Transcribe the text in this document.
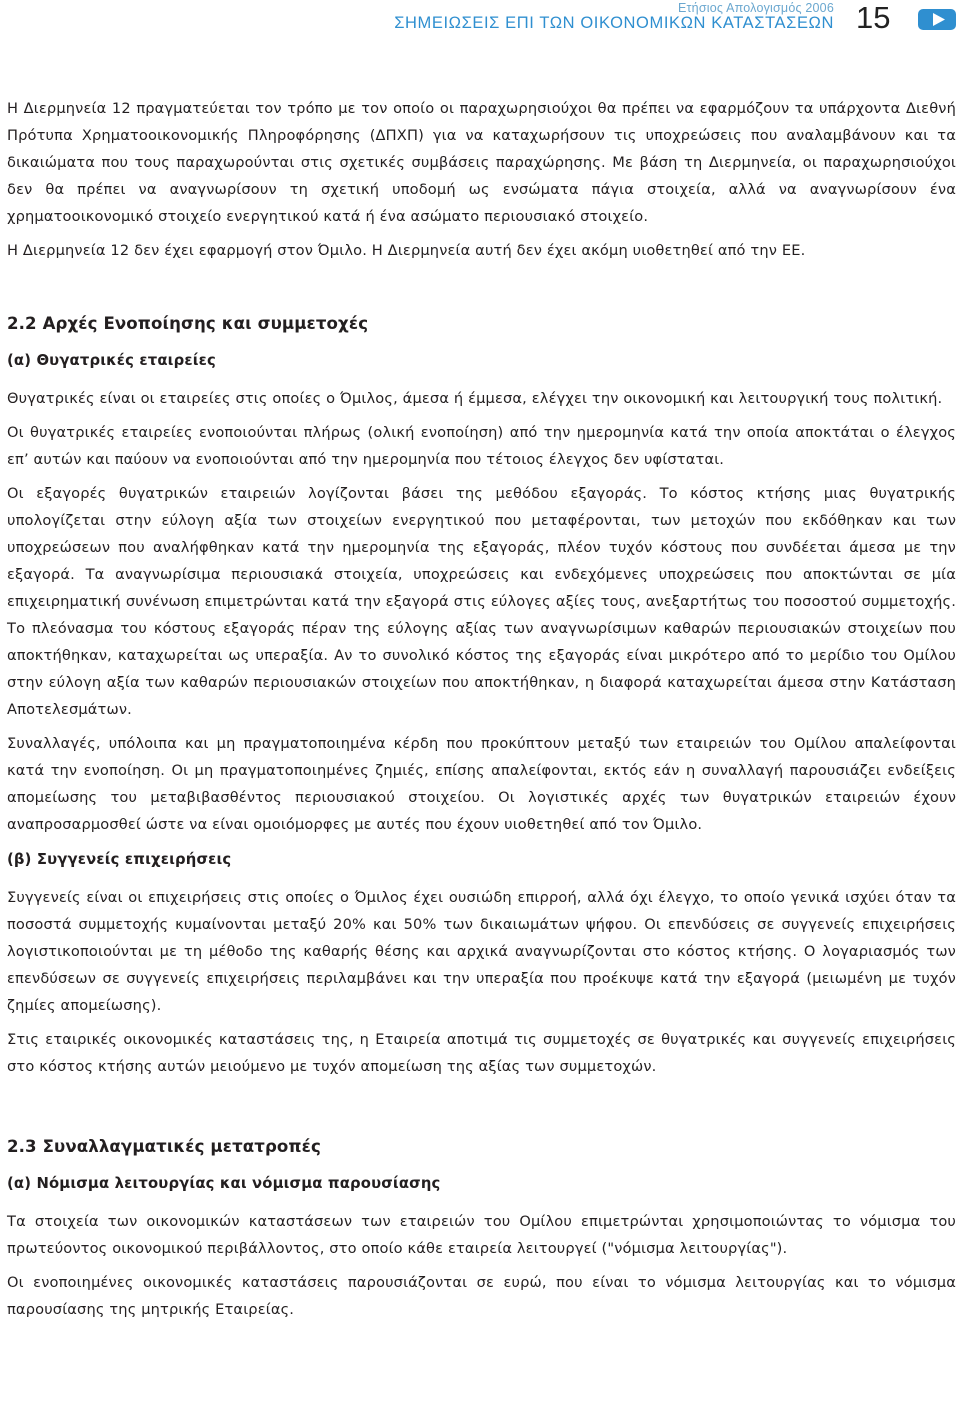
Ετήσιος Απολογισμός 2006
ΣΗΜΕΙΩΣΕΙΣ ΕΠΙ ΤΩΝ ΟΙΚΟΝΟΜΙΚΩΝ ΚΑΤΑΣΤΑΣΕΩΝ 15

Η Διερμηνεία 12 πραγματεύεται τον τρόπο με τον οποίο οι παραχωρησιούχοι θα πρέπει να εφαρμόζουν τα υπάρχοντα Διεθνή Πρότυπα Χρηματοοικονομικής Πληροφόρησης (ΔΠΧΠ) για να καταχωρήσουν τις υποχρεώσεις που αναλαμβάνουν και τα δικαιώματα που τους παραχωρούνται στις σχετικές συμβάσεις παραχώρησης. Με βάση τη Διερμηνεία, οι παραχωρησιούχοι δεν θα πρέπει να αναγνωρίσουν τη σχετική υποδομή ως ενσώματα πάγια στοιχεία, αλλά να αναγνωρίσουν ένα χρηματοοικονομικό στοιχείο ενεργητικού κατά ή ένα ασώματο περιουσιακό στοιχείο.

Η Διερμηνεία 12 δεν έχει εφαρμογή στον Όμιλο. Η Διερμηνεία αυτή δεν έχει ακόμη υιοθετηθεί από την ΕΕ.

2.2 Αρχές Ενοποίησης και συμμετοχές
(α) Θυγατρικές εταιρείες

Θυγατρικές είναι οι εταιρείες στις οποίες ο Όμιλος, άμεσα ή έμμεσα, ελέγχει την οικονομική και λειτουργική τους πολιτική.

Οι θυγατρικές εταιρείες ενοποιούνται πλήρως (ολική ενοποίηση) από την ημερομηνία κατά την οποία αποκτάται ο έλεγχος επ’ αυτών και παύουν να ενοποιούνται από την ημερομηνία που τέτοιος έλεγχος δεν υφίσταται.

Οι εξαγορές θυγατρικών εταιρειών λογίζονται βάσει της μεθόδου εξαγοράς. Το κόστος κτήσης μιας θυγατρικής υπολογίζεται στην εύλογη αξία των στοιχείων ενεργητικού που μεταφέρονται, των μετοχών που εκδόθηκαν και των υποχρεώσεων που αναλήφθηκαν κατά την ημερομηνία της εξαγοράς, πλέον τυχόν κόστους που συνδέεται άμεσα με την εξαγορά. Τα αναγνωρίσιμα περιουσιακά στοιχεία, υποχρεώσεις και ενδεχόμενες υποχρεώσεις που αποκτώνται σε μία επιχειρηματική συνένωση επιμετρώνται κατά την εξαγορά στις εύλογες αξίες τους, ανεξαρτήτως του ποσοστού συμμετοχής. Το πλεόνασμα του κόστους εξαγοράς πέραν της εύλογης αξίας των αναγνωρίσιμων καθαρών περιουσιακών στοιχείων που αποκτήθηκαν, καταχωρείται ως υπεραξία. Αν το συνολικό κόστος της εξαγοράς είναι μικρότερο από το μερίδιο του Ομίλου στην εύλογη αξία των καθαρών περιουσιακών στοιχείων που αποκτήθηκαν, η διαφορά καταχωρείται άμεσα στην Κατάσταση Αποτελεσμάτων.

Συναλλαγές, υπόλοιπα και μη πραγματοποιημένα κέρδη που προκύπτουν μεταξύ των εταιρειών του Ομίλου απαλείφονται κατά την ενοποίηση. Οι μη πραγματοποιημένες ζημιές, επίσης απαλείφονται, εκτός εάν η συναλλαγή παρουσιάζει ενδείξεις απομείωσης του μεταβιβασθέντος περιουσιακού στοιχείου. Οι λογιστικές αρχές των θυγατρικών εταιρειών έχουν αναπροσαρμοσθεί ώστε να είναι ομοιόμορφες με αυτές που έχουν υιοθετηθεί από τον Όμιλο.

(β) Συγγενείς επιχειρήσεις

Συγγενείς είναι οι επιχειρήσεις στις οποίες ο Όμιλος έχει ουσιώδη επιρροή, αλλά όχι έλεγχο, το οποίο γενικά ισχύει όταν τα ποσοστά συμμετοχής κυμαίνονται μεταξύ 20% και 50% των δικαιωμάτων ψήφου. Οι επενδύσεις σε συγγενείς επιχειρήσεις λογιστικοποιούνται με τη μέθοδο της καθαρής θέσης και αρχικά αναγνωρίζονται στο κόστος κτήσης. Ο λογαριασμός των επενδύσεων σε συγγενείς επιχειρήσεις περιλαμβάνει και την υπεραξία που προέκυψε κατά την εξαγορά (μειωμένη με τυχόν ζημίες απομείωσης).

Στις εταιρικές οικονομικές καταστάσεις της, η Εταιρεία αποτιμά τις συμμετοχές σε θυγατρικές και συγγενείς επιχειρήσεις στο κόστος κτήσης αυτών μειούμενο με τυχόν απομείωση της αξίας των συμμετοχών.

2.3 Συναλλαγματικές μετατροπές
(α) Νόμισμα λειτουργίας και νόμισμα παρουσίασης

Τα στοιχεία των οικονομικών καταστάσεων των εταιρειών του Ομίλου επιμετρώνται χρησιμοποιώντας το νόμισμα του πρωτεύοντος οικονομικού περιβάλλοντος, στο οποίο κάθε εταιρεία λειτουργεί ("νόμισμα λειτουργίας").

Οι ενοποιημένες οικονομικές καταστάσεις παρουσιάζονται σε ευρώ, που είναι το νόμισμα λειτουργίας και το νόμισμα παρουσίασης της μητρικής Εταιρείας.
